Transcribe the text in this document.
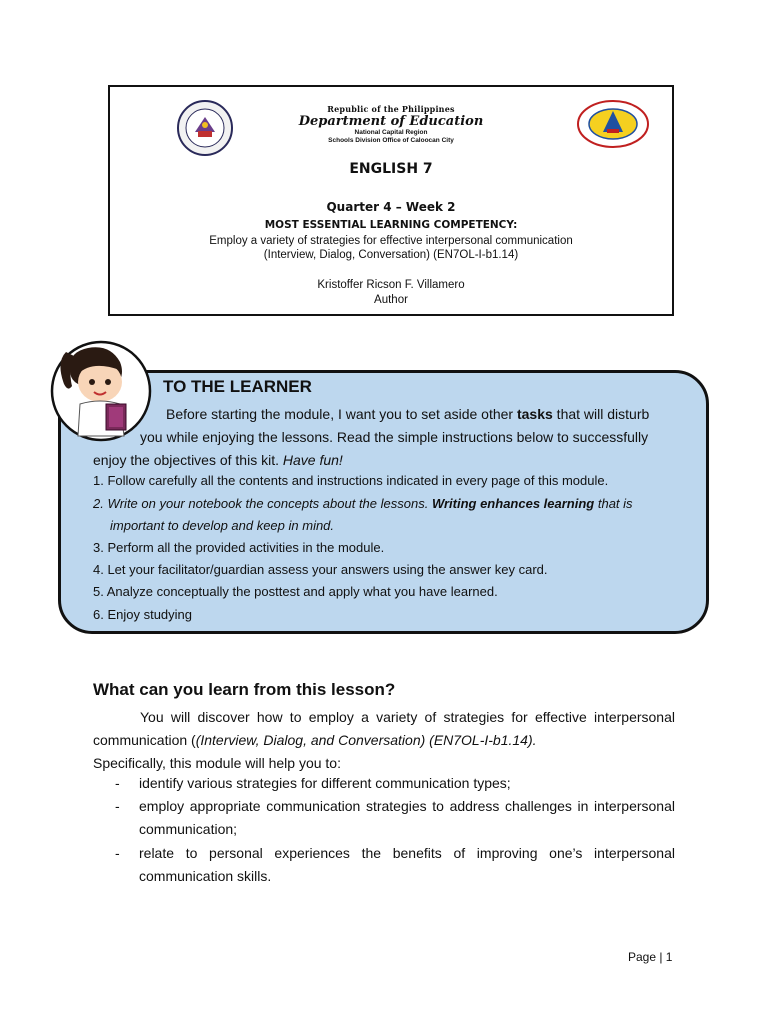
Republic of the Philippines
Department of Education
National Capital Region
Schools Division Office of Caloocan City
ENGLISH 7
Quarter 4 – Week 2
MOST ESSENTIAL LEARNING COMPETENCY:
Employ a variety of strategies for effective interpersonal communication
(Interview, Dialog, Conversation) (EN7OL-I-b1.14)
Kristoffer Ricson F. Villamero
Author
TO THE LEARNER
Before starting the module, I want you to set aside other tasks that will disturb
you while enjoying the lessons. Read the simple instructions below to successfully
enjoy the objectives of this kit. Have fun!
1. Follow carefully all the contents and instructions indicated in every page of this module.
2. Write on your notebook the concepts about the lessons. Writing enhances learning that is
important to develop and keep in mind.
3. Perform all the provided activities in the module.
4. Let your facilitator/guardian assess your answers using the answer key card.
5. Analyze conceptually the posttest and apply what you have learned.
6. Enjoy studying
What can you learn from this lesson?
You will discover how to employ a variety of strategies for effective interpersonal
communication ((Interview, Dialog, and Conversation) (EN7OL-I-b1.14).
Specifically, this module will help you to:
- identify various strategies for different communication types;
- employ appropriate communication strategies to address challenges in interpersonal
communication;
- relate to personal experiences the benefits of improving one’s interpersonal
communication skills.
Page | 1
